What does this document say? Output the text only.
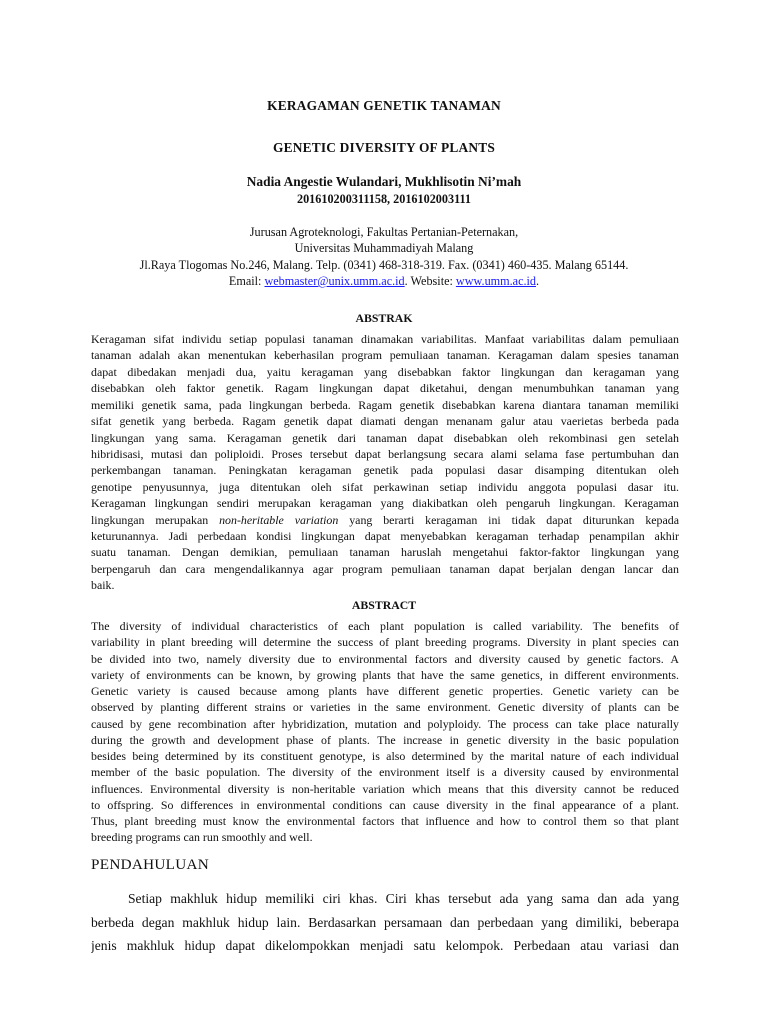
KERAGAMAN GENETIK TANAMAN
GENETIC DIVERSITY OF PLANTS
Nadia Angestie Wulandari, Mukhlisotin Ni’mah
201610200311158, 2016102003111
Jurusan Agroteknologi, Fakultas Pertanian-Peternakan,
Universitas Muhammadiyah Malang
Jl.Raya Tlogomas No.246, Malang. Telp. (0341) 468-318-319. Fax. (0341) 460-435. Malang 65144.
Email: webmaster@unix.umm.ac.id. Website: www.umm.ac.id.
ABSTRAK
Keragaman sifat individu setiap populasi tanaman dinamakan variabilitas. Manfaat variabilitas dalam pemuliaan
tanaman adalah akan menentukan keberhasilan program pemuliaan tanaman. Keragaman dalam spesies tanaman
dapat dibedakan menjadi dua, yaitu keragaman yang disebabkan faktor lingkungan dan keragaman yang
disebabkan oleh faktor genetik. Ragam lingkungan dapat diketahui, dengan menumbuhkan tanaman yang
memiliki genetik sama, pada lingkungan berbeda. Ragam genetik disebabkan karena diantara tanaman memiliki
sifat genetik yang berbeda. Ragam genetik dapat diamati dengan menanam galur atau vaerietas berbeda pada
lingkungan yang sama. Keragaman genetik dari tanaman dapat disebabkan oleh rekombinasi gen setelah
hibridisasi, mutasi dan poliploidi. Proses tersebut dapat berlangsung secara alami selama fase pertumbuhan dan
perkembangan tanaman. Peningkatan keragaman genetik pada populasi dasar disamping ditentukan oleh
genotipe penyusunnya, juga ditentukan oleh sifat perkawinan setiap individu anggota populasi dasar itu.
Keragaman lingkungan sendiri merupakan keragaman yang diakibatkan oleh pengaruh lingkungan. Keragaman
lingkungan merupakan non-heritable variation yang berarti keragaman ini tidak dapat diturunkan kepada
keturunannya. Jadi perbedaan kondisi lingkungan dapat menyebabkan keragaman terhadap penampilan akhir
suatu tanaman. Dengan demikian, pemuliaan tanaman haruslah mengetahui faktor-faktor lingkungan yang
berpengaruh dan cara mengendalikannya agar program pemuliaan tanaman dapat berjalan dengan lancar dan
baik.
ABSTRACT
The diversity of individual characteristics of each plant population is called variability. The benefits of
variability in plant breeding will determine the success of plant breeding programs. Diversity in plant species can
be divided into two, namely diversity due to environmental factors and diversity caused by genetic factors. A
variety of environments can be known, by growing plants that have the same genetics, in different environments.
Genetic variety is caused because among plants have different genetic properties. Genetic variety can be
observed by planting different strains or varieties in the same environment. Genetic diversity of plants can be
caused by gene recombination after hybridization, mutation and polyploidy. The process can take place naturally
during the growth and development phase of plants. The increase in genetic diversity in the basic population
besides being determined by its constituent genotype, is also determined by the marital nature of each individual
member of the basic population. The diversity of the environment itself is a diversity caused by environmental
influences. Environmental diversity is non-heritable variation which means that this diversity cannot be reduced
to offspring. So differences in environmental conditions can cause diversity in the final appearance of a plant.
Thus, plant breeding must know the environmental factors that influence and how to control them so that plant
breeding programs can run smoothly and well.
PENDAHULUAN
Setiap makhluk hidup memiliki ciri khas. Ciri khas tersebut ada yang sama dan ada yang
berbeda degan makhluk hidup lain. Berdasarkan persamaan dan perbedaan yang dimiliki, beberapa
jenis makhluk hidup dapat dikelompokkan menjadi satu kelompok. Perbedaan atau variasi dan
